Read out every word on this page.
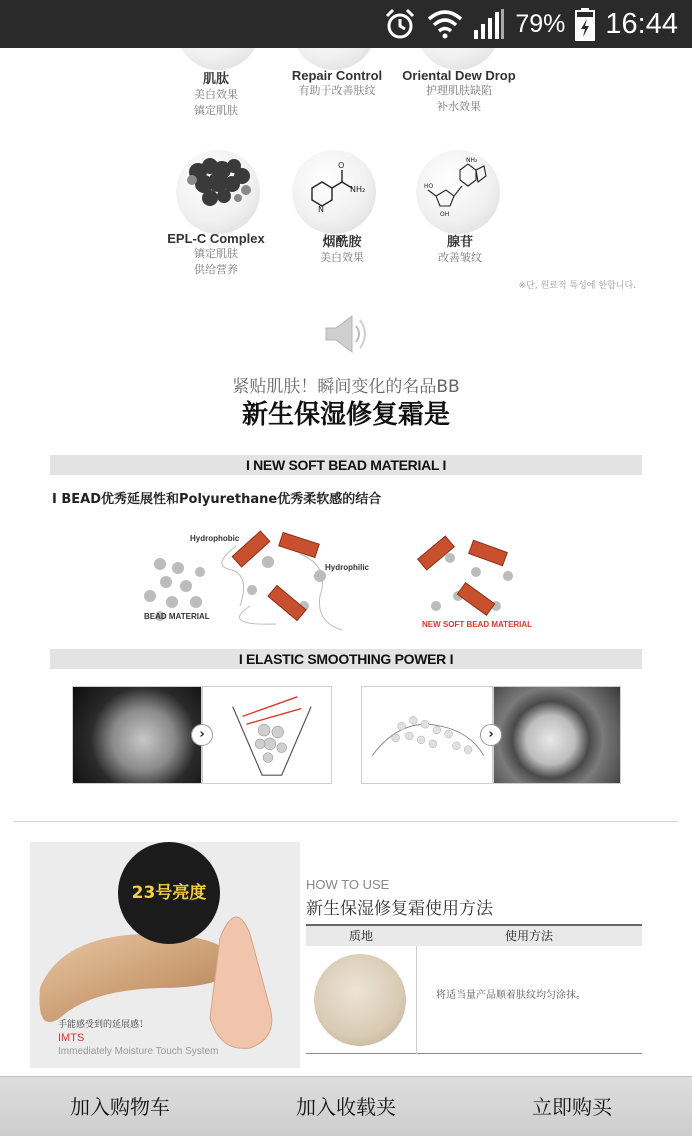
79% 16:44
肌肽
美白效果
镇定肌肤
Repair Control
有助于改善肤纹
Oriental Dew Drop
护理肌肤缺陷
补水效果
N
O
NH₂	HO
OH
NH₂
EPL-C Complex
镇定肌肤
供给营养
烟酰胺
美白效果
腺苷
改善皱纹
※단, 원료적 특성에 한합니다.
紧贴肌肤！瞬间变化的名品BB
新生保湿修复霜是
I NEW SOFT BEAD MATERIAL I
I BEAD优秀延展性和Polyurethane优秀柔软感的结合
Hydrophobic
Hydrophilic
BEAD MATERIAL
NEW SOFT BEAD MATERIAL
I ELASTIC SMOOTHING POWER I
›	›
23号亮度	HOW TO USE
新生保湿修复霜使用方法
质地	使用方法
将适当量产品顺着肤纹均匀涂抹。
手能感受到的延展感！
IMTS
Immediately Moisture Touch System
加入购物车	加入收载夹	立即购买
